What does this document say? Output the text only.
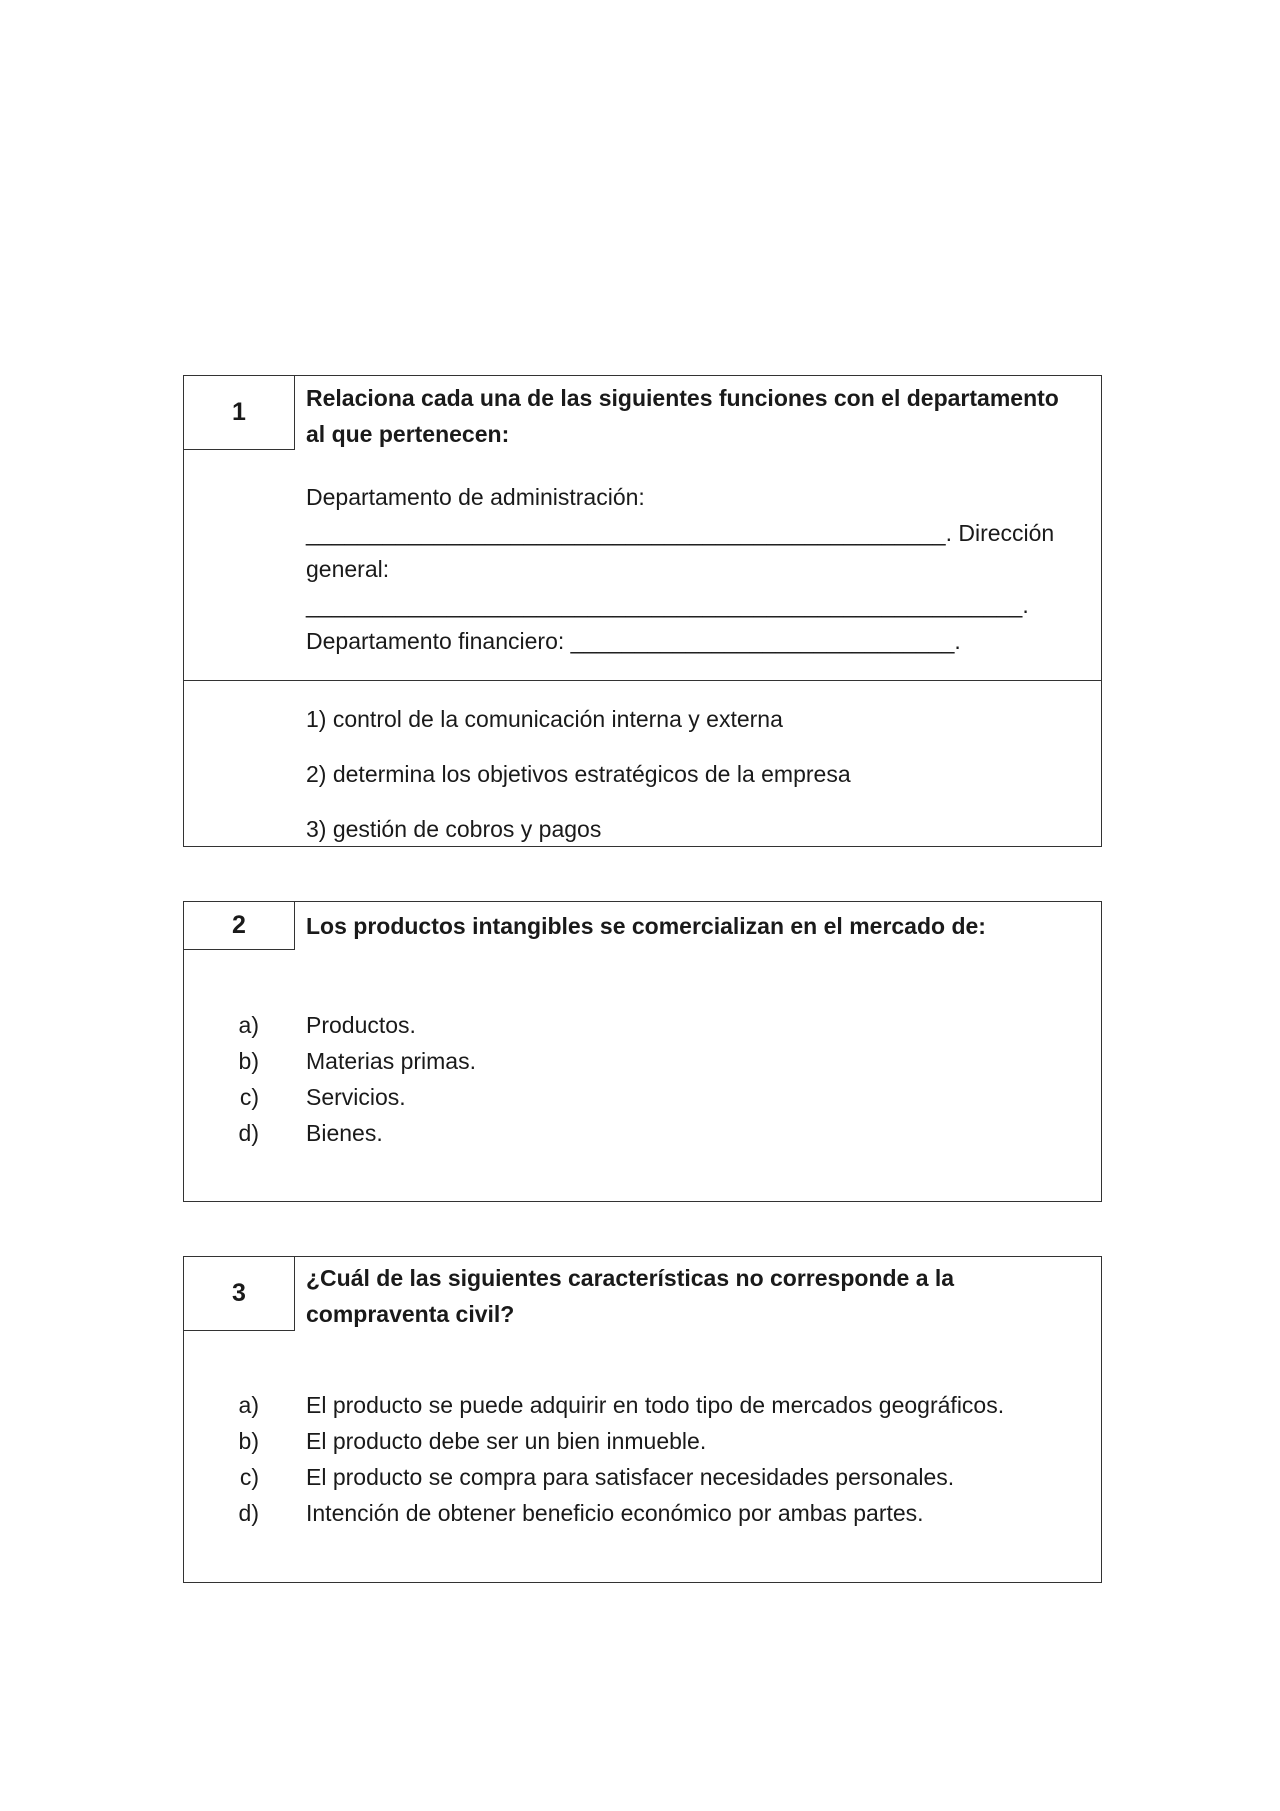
1	Relaciona cada una de las siguientes funciones con el departamento al que pertenecen:
Departamento de administración:
__________________________________________________. Dirección
general:
________________________________________________________.
Departamento financiero: ______________________________.
1) control de la comunicación interna y externa
2) determina los objetivos estratégicos de la empresa
3) gestión de cobros y pagos
2	Los productos intangibles se comercializan en el mercado de:
a) Productos.
b) Materias primas.
c) Servicios.
d) Bienes.
3
¿Cuál de las siguientes características no corresponde a la compraventa civil?
a) El producto se puede adquirir en todo tipo de mercados geográficos.
b) El producto debe ser un bien inmueble.
c) El producto se compra para satisfacer necesidades personales.
d) Intención de obtener beneficio económico por ambas partes.
